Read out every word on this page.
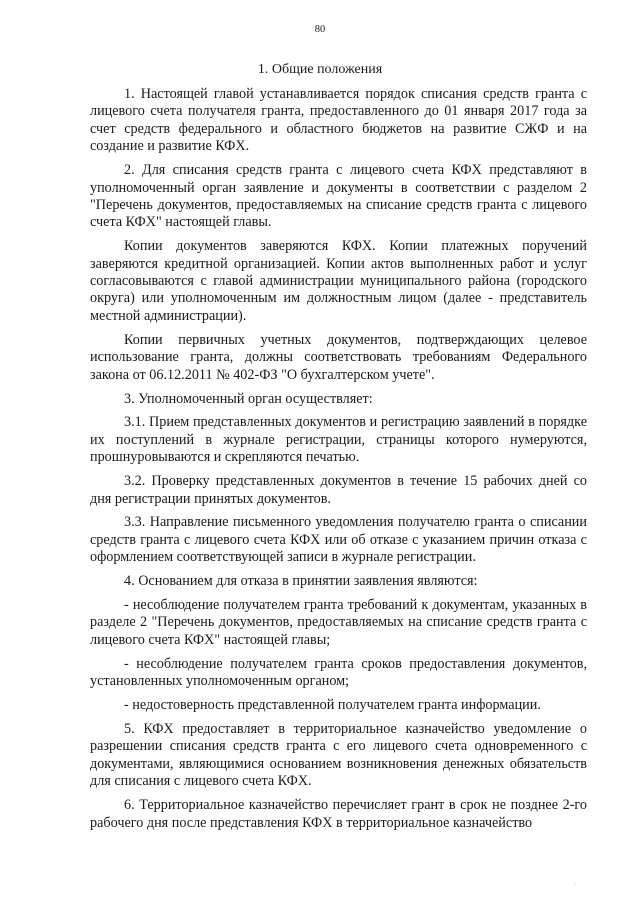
80
1. Общие положения

1. Настоящей главой устанавливается порядок списания средств гранта с лицевого счета получателя гранта, предоставленного до 01 января 2017 года за счет средств федерального и областного бюджетов на развитие СЖФ и на создание и развитие КФХ.

2. Для списания средств гранта с лицевого счета КФХ представляют в уполномоченный орган заявление и документы в соответствии с разделом 2 "Перечень документов, предоставляемых на списание средств гранта с лицевого счета КФХ" настоящей главы.

Копии документов заверяются КФХ. Копии платежных поручений заверяются кредитной организацией. Копии актов выполненных работ и услуг согласовываются с главой администрации муниципального района (городского округа) или уполномоченным им должностным лицом (далее - представитель местной администрации).

Копии первичных учетных документов, подтверждающих целевое использование гранта, должны соответствовать требованиям Федерального закона от 06.12.2011 № 402-ФЗ "О бухгалтерском учете".

3. Уполномоченный орган осуществляет:

3.1. Прием представленных документов и регистрацию заявлений в порядке их поступлений в журнале регистрации, страницы которого нумеруются, прошнуровываются и скрепляются печатью.

3.2. Проверку представленных документов в течение 15 рабочих дней со дня регистрации принятых документов.

3.3. Направление письменного уведомления получателю гранта о списании средств гранта с лицевого счета КФХ или об отказе с указанием причин отказа с оформлением соответствующей записи в журнале регистрации.

4. Основанием для отказа в принятии заявления являются:

- несоблюдение получателем гранта требований к документам, указанных в разделе 2 "Перечень документов, предоставляемых на списание средств гранта с лицевого счета КФХ" настоящей главы;

- несоблюдение получателем гранта сроков предоставления документов, установленных уполномоченным органом;

- недостоверность представленной получателем гранта информации.

5. КФХ предоставляет в территориальное казначейство уведомление о разрешении списания средств гранта с его лицевого счета одновременного с документами, являющимися основанием возникновения денежных обязательств для списания с лицевого счета КФХ.

6. Территориальное казначейство перечисляет грант в срок не позднее 2-го рабочего дня после представления КФХ в территориальное казначейство

·
